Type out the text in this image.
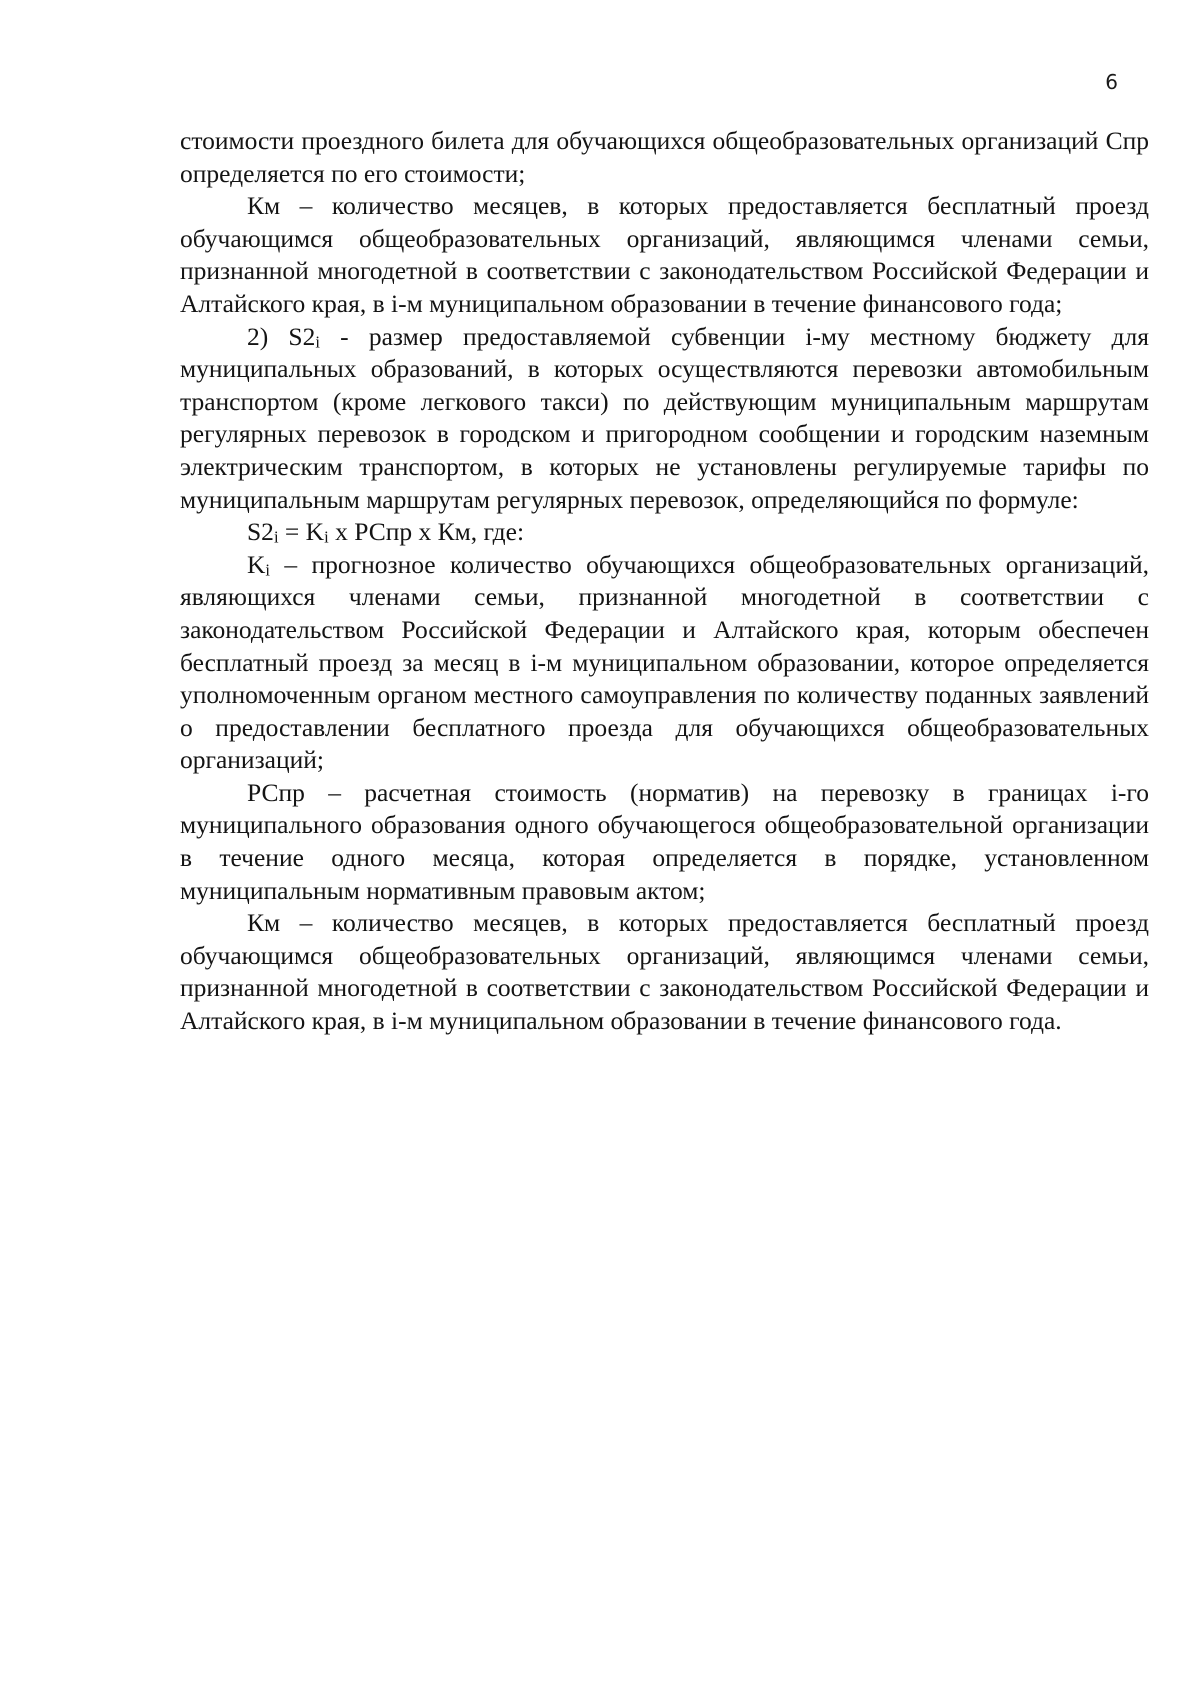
6

стоимости проездного билета для обучающихся общеобразовательных организаций Спр определяется по его стоимости;

Км – количество месяцев, в которых предоставляется бесплатный проезд обучающимся общеобразовательных организаций, являющимся членами семьи, признанной многодетной в соответствии с законодательством Российской Федерации и Алтайского края, в i-м муниципальном образовании в течение финансового года;

2) $S2_i$ - размер предоставляемой субвенции i-му местному бюджету для муниципальных образований, в которых осуществляются перевозки автомобильным транспортом (кроме легкового такси) по действующим муниципальным маршрутам регулярных перевозок в городском и пригородном сообщении и городским наземным электрическим транспортом, в которых не установлены регулируемые тарифы по муниципальным маршрутам регулярных перевозок, определяющийся по формуле:

$S2_i = K_i$ x РСпр х Км, где:

$K_i$ – прогнозное количество обучающихся общеобразовательных организаций, являющихся членами семьи, признанной многодетной в соответствии с законодательством Российской Федерации и Алтайского края, которым обеспечен бесплатный проезд за месяц в i-м муниципальном образовании, которое определяется уполномоченным органом местного самоуправления по количеству поданных заявлений о предоставлении бесплатного проезда для обучающихся общеобразовательных организаций;

РСпр – расчетная стоимость (норматив) на перевозку в границах i-го муниципального образования одного обучающегося общеобразовательной организации в течение одного месяца, которая определяется в порядке, установленном муниципальным нормативным правовым актом;

Км – количество месяцев, в которых предоставляется бесплатный проезд обучающимся общеобразовательных организаций, являющимся членами семьи, признанной многодетной в соответствии с законодательством Российской Федерации и Алтайского края, в i-м муниципальном образовании в течение финансового года.
